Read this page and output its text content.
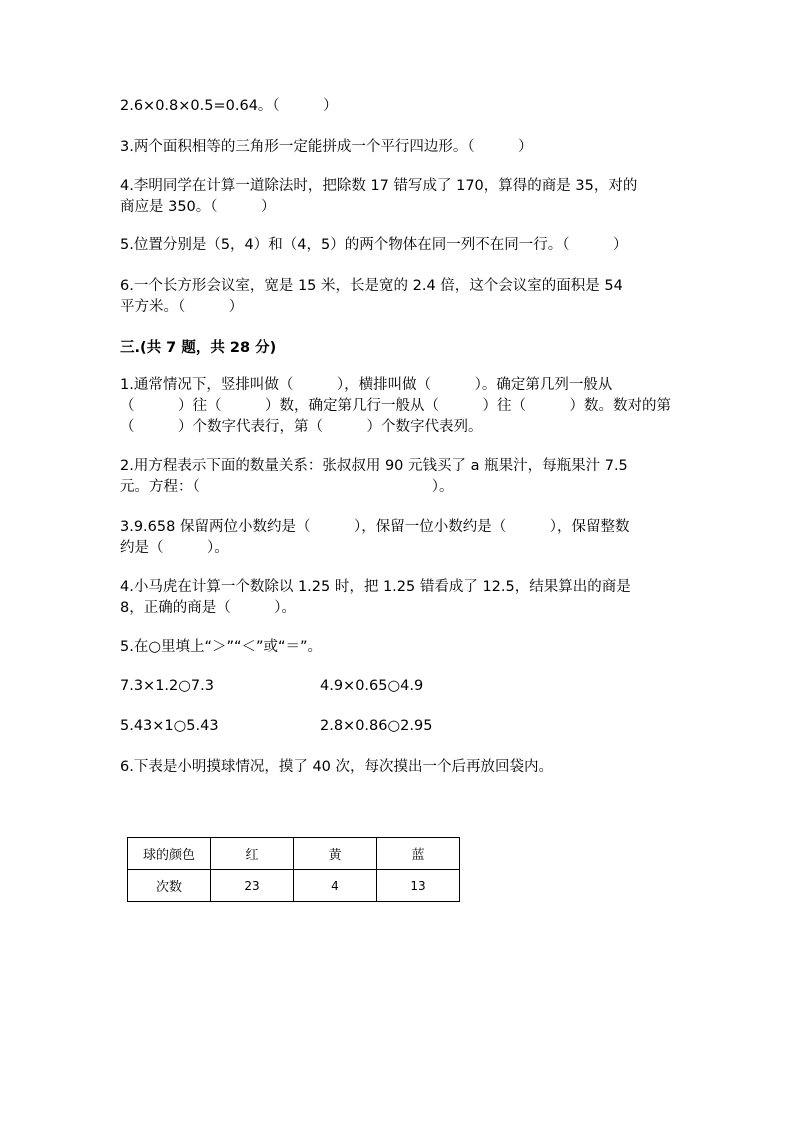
2.6×0.8×0.5=0.64。（　　　）
3.两个面积相等的三角形一定能拼成一个平行四边形。（　　　）
4.李明同学在计算一道除法时，把除数 17 错写成了 170，算得的商是 35，对的
商应是 350。（　　　）
5.位置分别是（5，4）和（4，5）的两个物体在同一列不在同一行。（　　　）
6.一个长方形会议室，宽是 15 米，长是宽的 2.4 倍，这个会议室的面积是 54
平方米。（　　　）
三.(共 7 题，共 28 分)
1.通常情况下，竖排叫做（　　　），横排叫做（　　　）。确定第几列一般从
（　　　）往（　　　）数，确定第几行一般从（　　　）往（　　　）数。数对的第
（　　　）个数字代表行，第（　　　）个数字代表列。
2.用方程表示下面的数量关系：张叔叔用 90 元钱买了 a 瓶果汁，每瓶果汁 7.5
元。方程：（　　　　　　　　　　　　　　　　）。
3.9.658 保留两位小数约是（　　　），保留一位小数约是（　　　），保留整数
约是（　　　）。
4.小马虎在计算一个数除以 1.25 时，把 1.25 错看成了 12.5，结果算出的商是
8，正确的商是（　　　）。
5.在○里填上“＞”“＜”或“＝”。
7.3×1.2○7.3	4.9×0.65○4.9
5.43×1○5.43	2.8×0.86○2.95
6.下表是小明摸球情况，摸了 40 次，每次摸出一个后再放回袋内。
球的颜色	红	黄	蓝
次数	23	4	13
